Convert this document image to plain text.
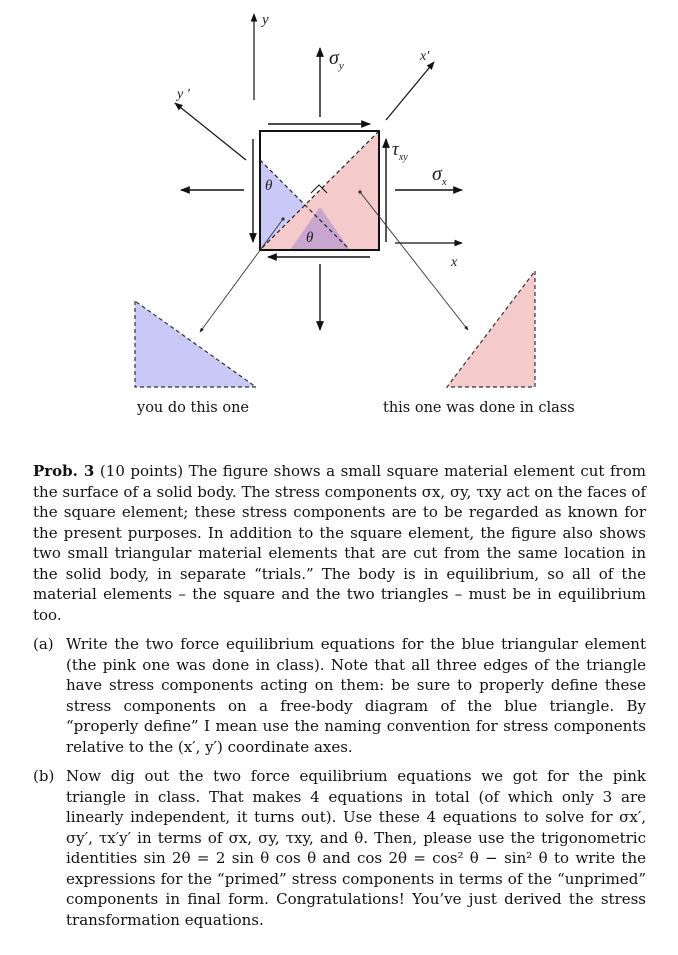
y
y '
x'
x
$\sigma_y$
$\sigma_x$
$\tau_{xy}$
θ
θ
you do this one	this one was done in class

Prob. 3 (10 points) The figure shows a small square material element cut from the surface of a solid body. The stress components σx, σy, τxy act on the faces of the square element; these stress components are to be regarded as known for the present purposes. In addition to the square element, the figure also shows two small triangular material elements that are cut from the same location in the solid body, in separate “trials.” The body is in equilibrium, so all of the material elements – the square and the two triangles – must be in equilibrium too.

(a) Write the two force equilibrium equations for the blue triangular element (the pink one was done in class). Note that all three edges of the triangle have stress components acting on them: be sure to properly define these stress components on a free-body diagram of the blue triangle. By “properly define” I mean use the naming convention for stress components relative to the (x′, y′) coordinate axes.
(b) Now dig out the two force equilibrium equations we got for the pink triangle in class. That makes 4 equations in total (of which only 3 are linearly independent, it turns out). Use these 4 equations to solve for σx′, σy′, τx′y′ in terms of σx, σy, τxy, and θ. Then, please use the trigonometric identities sin 2θ = 2 sin θ cos θ and cos 2θ = cos² θ − sin² θ to write the expressions for the “primed” stress components in terms of the “unprimed” components in final form. Congratulations! You’ve just derived the stress transformation equations.
